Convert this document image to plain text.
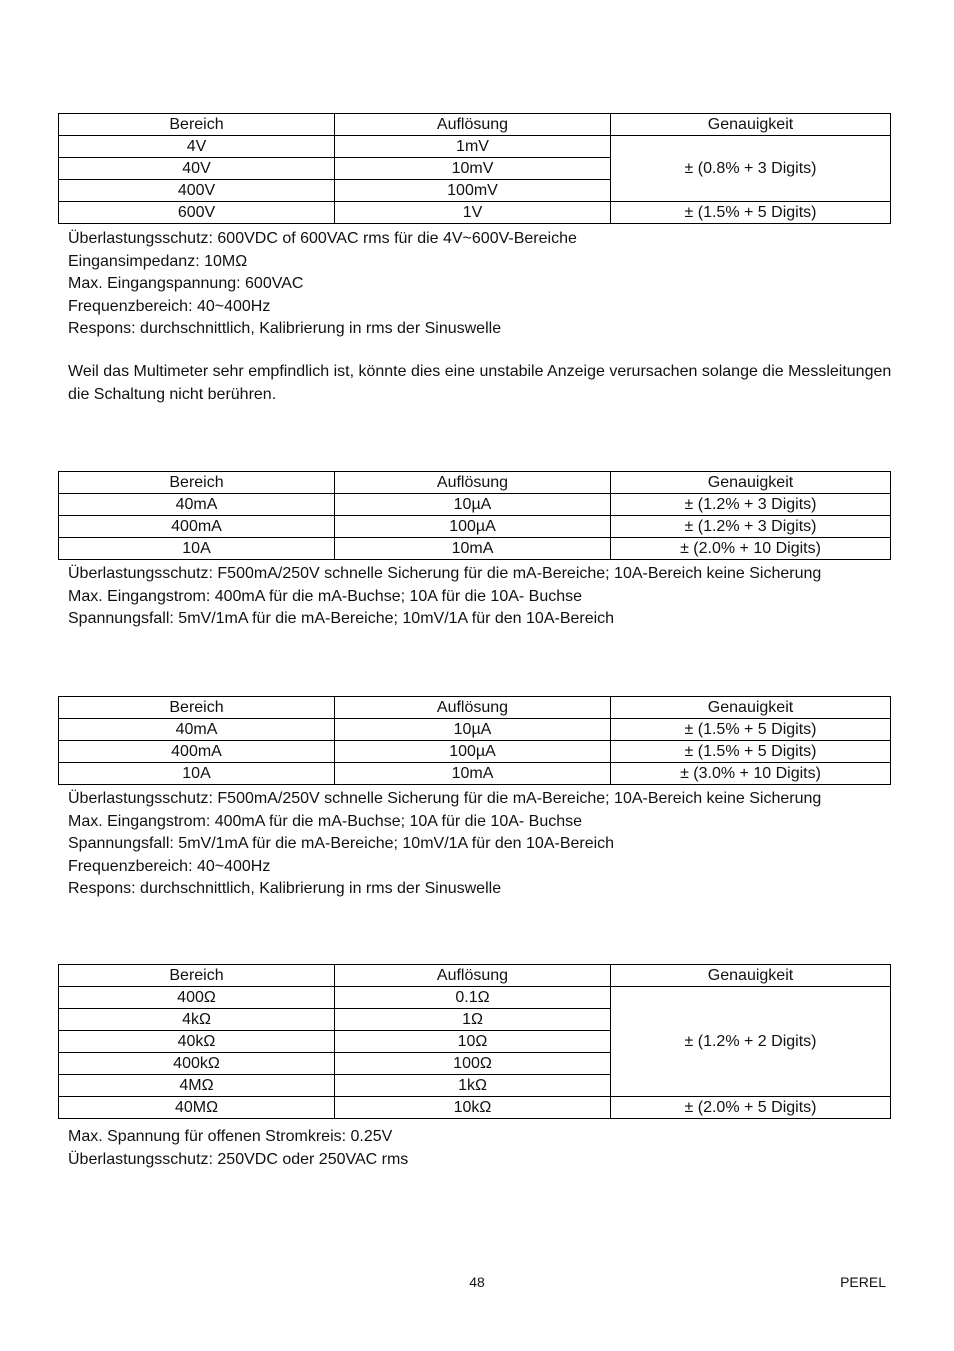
Bereich	Auflösung	Genauigkeit
4V	1mV	± (0.8% + 3 Digits)
40V	10mV	
400V	100mV	
600V	1V	± (1.5% + 5 Digits)
Überlastungsschutz: 600VDC of 600VAC rms für die 4V~600V-Bereiche
Eingansimpedanz: 10MΩ
Max. Eingangspannung: 600VAC
Frequenzbereich: 40~400Hz
Respons: durchschnittlich, Kalibrierung in rms der Sinuswelle
Weil das Multimeter sehr empfindlich ist, könnte dies eine unstabile Anzeige verursachen solange die Messleitungen die Schaltung nicht berühren.
Bereich	Auflösung	Genauigkeit
40mA	10µA	± (1.2% + 3 Digits)
400mA	100µA	± (1.2% + 3 Digits)
10A	10mA	± (2.0% + 10 Digits)
Überlastungsschutz: F500mA/250V schnelle Sicherung für die mA-Bereiche; 10A-Bereich keine Sicherung
Max. Eingangstrom: 400mA für die mA-Buchse; 10A für die 10A- Buchse
Spannungsfall: 5mV/1mA für die mA-Bereiche; 10mV/1A für den 10A-Bereich
Bereich	Auflösung	Genauigkeit
40mA	10µA	± (1.5% + 5 Digits)
400mA	100µA	± (1.5% + 5 Digits)
10A	10mA	± (3.0% + 10 Digits)
Überlastungsschutz: F500mA/250V schnelle Sicherung für die mA-Bereiche; 10A-Bereich keine Sicherung
Max. Eingangstrom: 400mA für die mA-Buchse; 10A für die 10A- Buchse
Spannungsfall: 5mV/1mA für die mA-Bereiche; 10mV/1A für den 10A-Bereich
Frequenzbereich: 40~400Hz
Respons: durchschnittlich, Kalibrierung in rms der Sinuswelle
Bereich	Auflösung	Genauigkeit
400Ω	0.1Ω	± (1.2% + 2 Digits)
4kΩ	1Ω	
40kΩ	10Ω	
400kΩ	100Ω	
4MΩ	1kΩ	
40MΩ	10kΩ	± (2.0% + 5 Digits)
Max. Spannung für offenen Stromkreis: 0.25V
Überlastungsschutz: 250VDC oder 250VAC rms
48	PEREL
